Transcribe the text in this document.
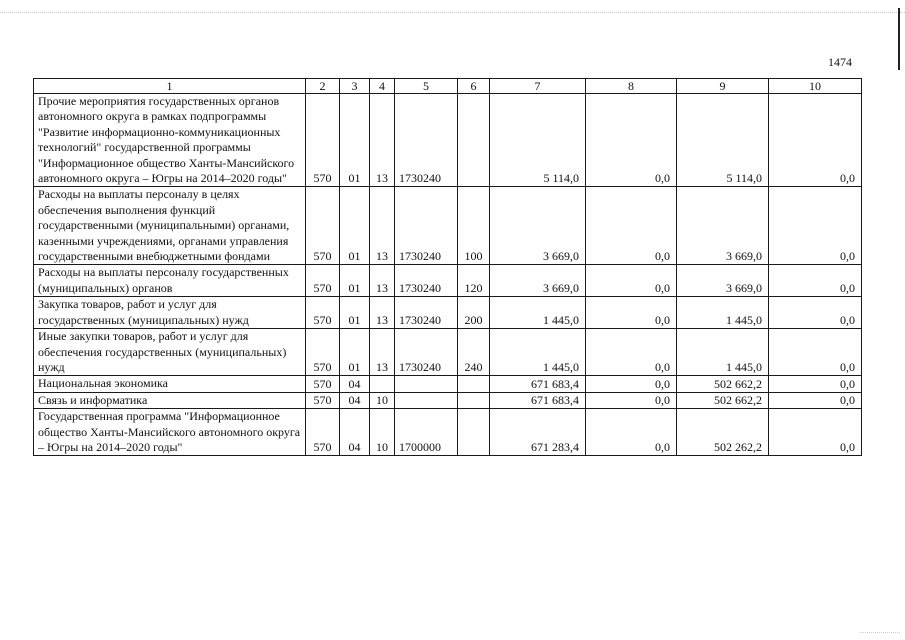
1474
1	2	3	4	5	6	7	8	9	10
Прочие мероприятия государственных органов автономного округа в рамках подпрограммы "Развитие информационно-коммуникационных технологий" государственной программы "Информационное общество Ханты-Мансийского автономного округа – Югры на 2014–2020 годы"	570	01	13	1730240		5 114,0	0,0	5 114,0	0,0
Расходы на выплаты персоналу в целях обеспечения выполнения функций государственными (муниципальными) органами, казенными учреждениями, органами управления государственными внебюджетными фондами	570	01	13	1730240	100	3 669,0	0,0	3 669,0	0,0
Расходы на выплаты персоналу государственных (муниципальных) органов	570	01	13	1730240	120	3 669,0	0,0	3 669,0	0,0
Закупка товаров, работ и услуг для государственных (муниципальных) нужд	570	01	13	1730240	200	1 445,0	0,0	1 445,0	0,0
Иные закупки товаров, работ и услуг для обеспечения государственных (муниципальных) нужд	570	01	13	1730240	240	1 445,0	0,0	1 445,0	0,0
Национальная экономика	570	04				671 683,4	0,0	502 662,2	0,0
Связь и информатика	570	04	10			671 683,4	0,0	502 662,2	0,0
Государственная программа "Информационное общество Ханты-Мансийского автономного округа – Югры на 2014–2020 годы"	570	04	10	1700000		671 283,4	0,0	502 262,2	0,0
